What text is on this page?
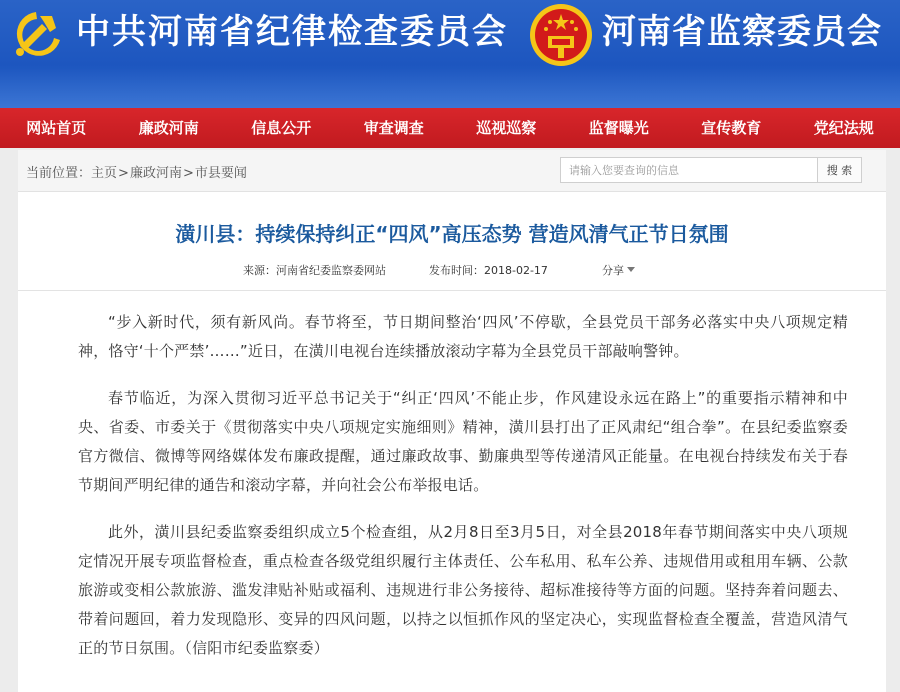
中共河南省纪律检查委员会	河南省监察委员会
网站首页	廉政河南	信息公开	审查调查	巡视巡察	监督曝光	宣传教育	党纪法规
当前位置：主页>廉政河南>市县要闻
请输入您要查询的信息	搜 索
潢川县：持续保持纠正“四风”高压态势 营造风清气正节日氛围
来源：河南省纪委监察委网站	发布时间：2018-02-17	分享

“步入新时代，须有新风尚。春节将至，节日期间整治‘四风’不停歇，全县党员干部务必落实中央八项规定精神，恪守‘十个严禁’……”近日，在潢川电视台连续播放滚动字幕为全县党员干部敲响警钟。

春节临近，为深入贯彻习近平总书记关于“纠正‘四风’不能止步，作风建设永远在路上”的重要指示精神和中央、省委、市委关于《贯彻落实中央八项规定实施细则》精神，潢川县打出了正风肃纪“组合拳”。在县纪委监察委官方微信、微博等网络媒体发布廉政提醒，通过廉政故事、勤廉典型等传递清风正能量。在电视台持续发布关于春节期间严明纪律的通告和滚动字幕，并向社会公布举报电话。

此外，潢川县纪委监察委组织成立5个检查组，从2月8日至3月5日，对全县2018年春节期间落实中央八项规定情况开展专项监督检查，重点检查各级党组织履行主体责任、公车私用、私车公养、违规借用或租用车辆、公款旅游或变相公款旅游、滥发津贴补贴或福利、违规进行非公务接待、超标准接待等方面的问题。坚持奔着问题去、带着问题回，着力发现隐形、变异的四风问题，以持之以恒抓作风的坚定决心，实现监督检查全覆盖，营造风清气正的节日氛围。（信阳市纪委监察委）
